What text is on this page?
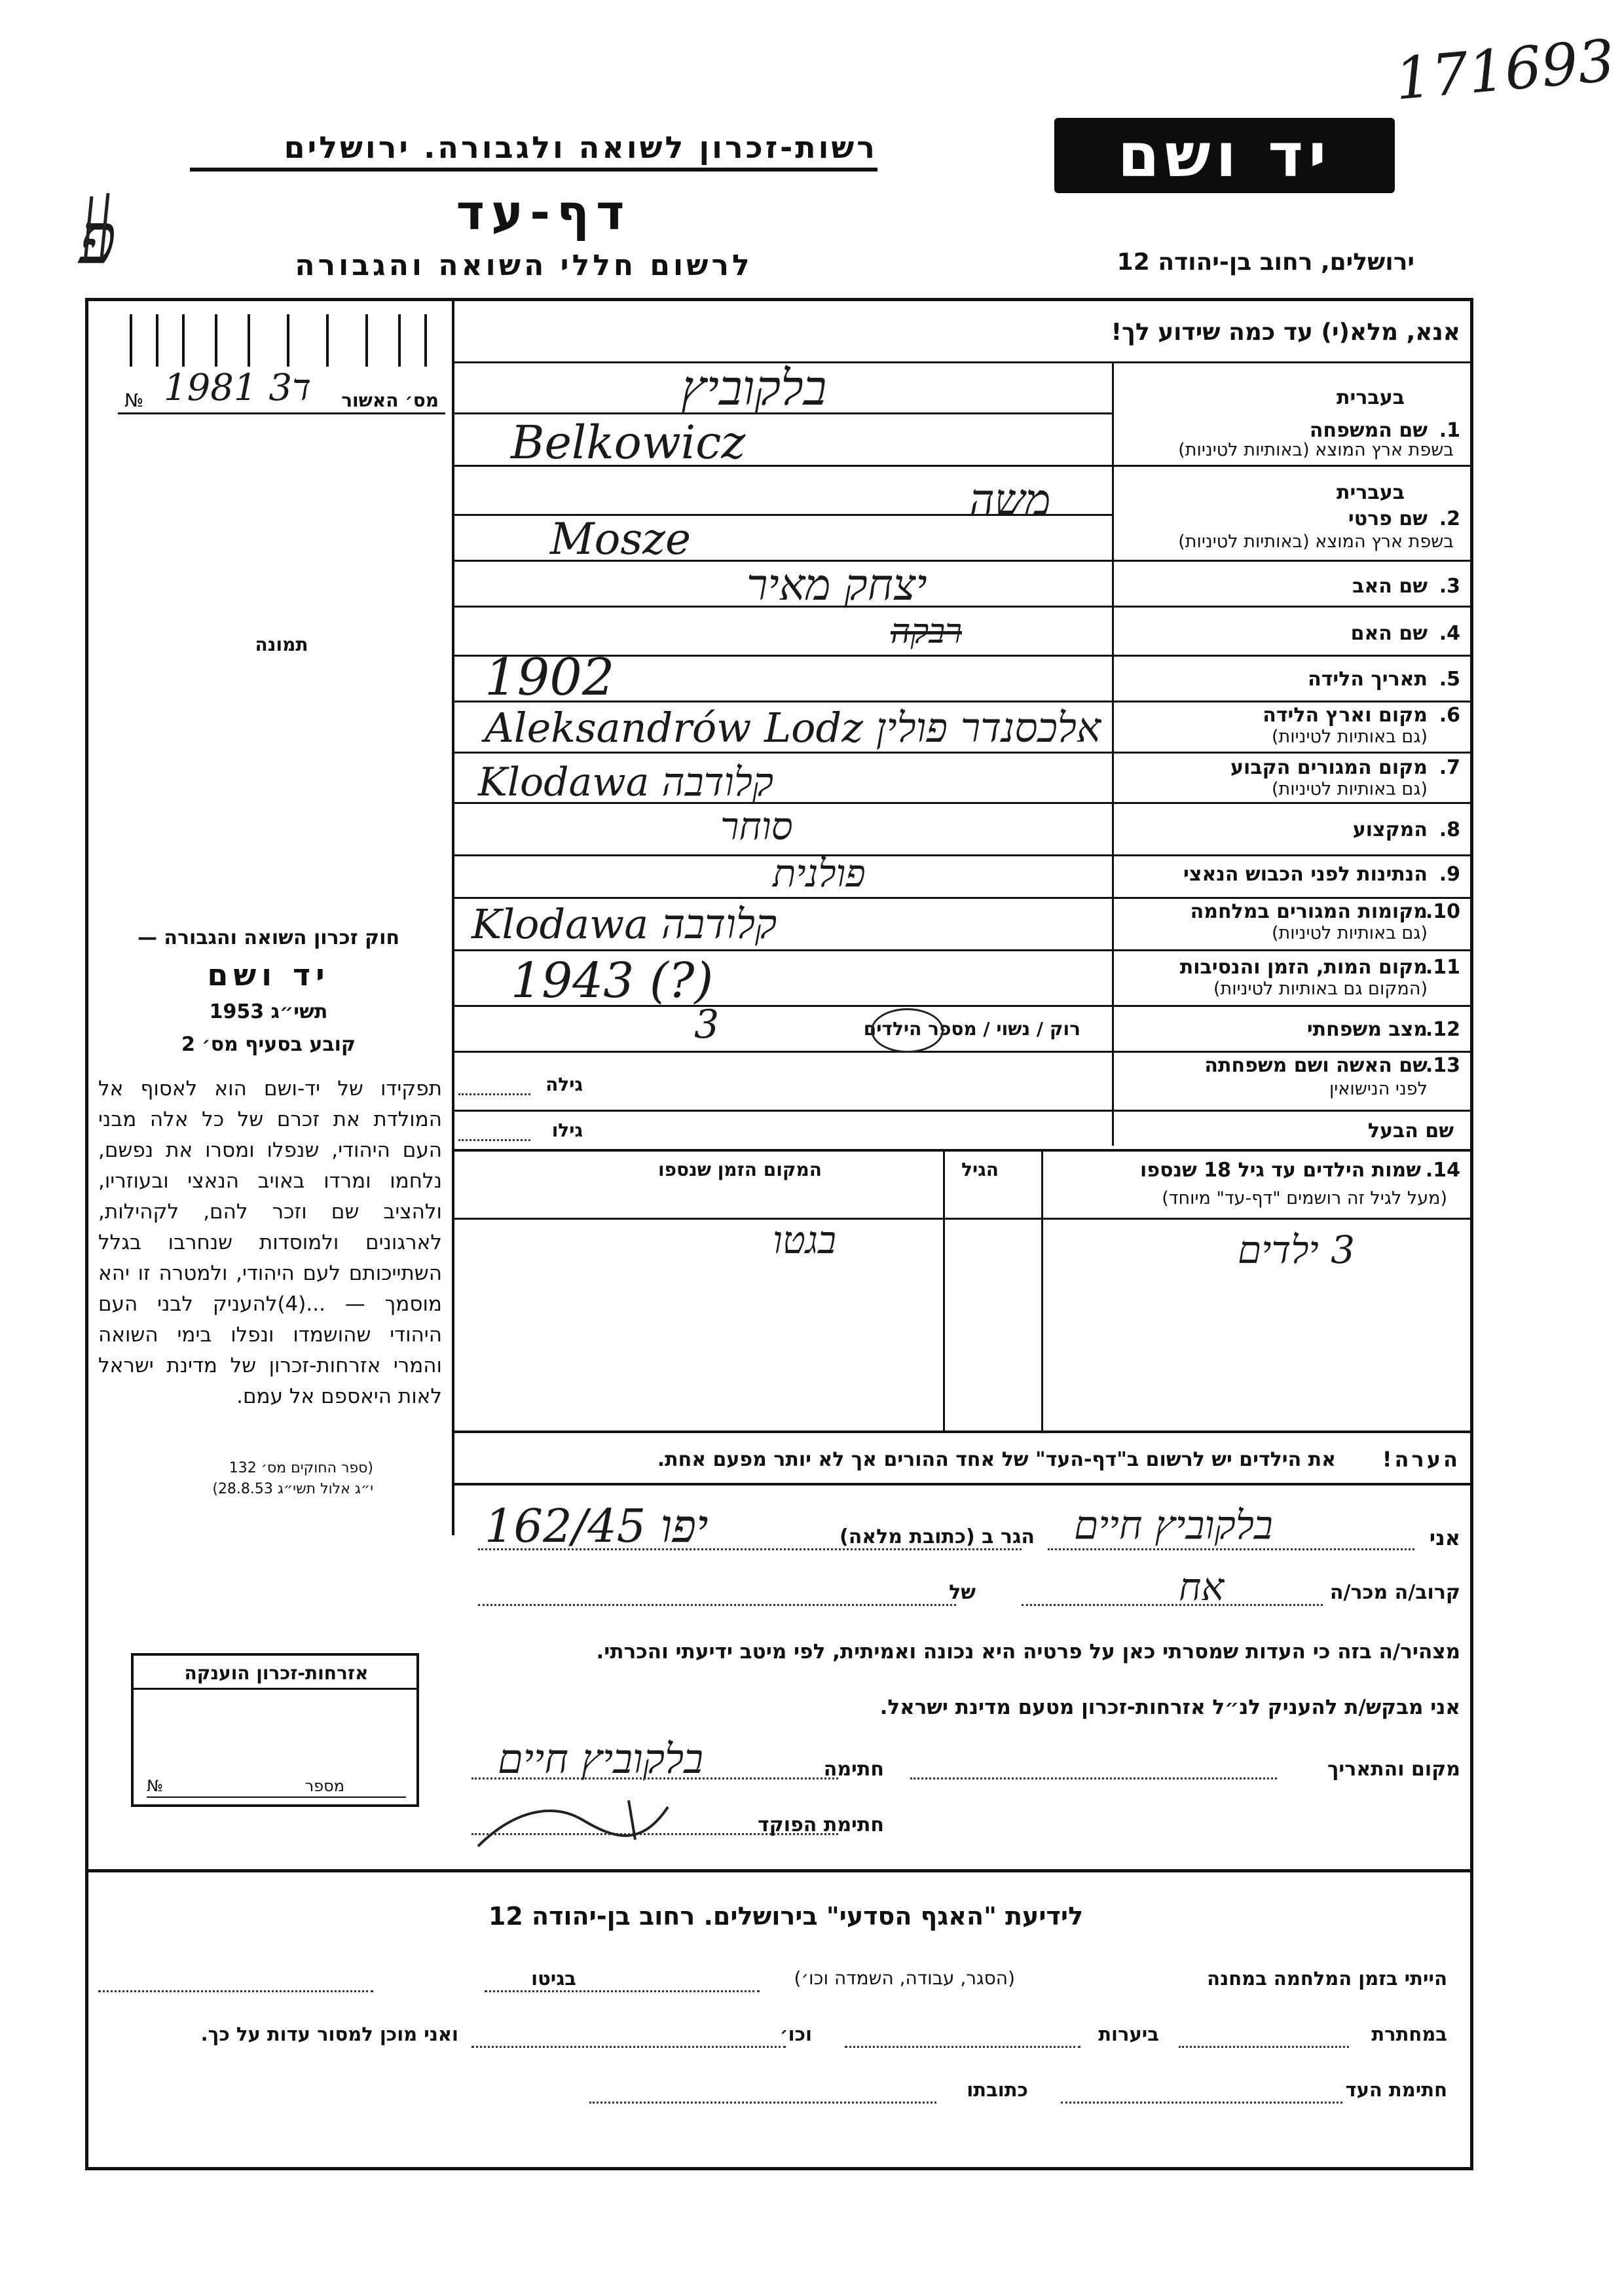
171693
רשות-זכרון לשואה ולגבורה. ירושלים
דף-עד
לרשום חללי השואה והגבורה
פ
יד ושם
ירושלים, רחוב בן-יהודה 12
אנא, מלא(י) עד כמה שידוע לך!
№ 1981 ד3 מס׳ האשור
תמונה
חוק זכרון השואה והגבורה —
יד ושם
תשי״ג 1953
קובע בסעיף מס׳ 2
תפקידו של יד-ושם הוא לאסוף אל המולדת את זכרם של כל אלה מבני העם היהודי, שנפלו ומסרו את נפשם, נלחמו ומרדו באויב הנאצי ובעוזריו, ולהציב שם וזכר להם, לקהילות, לארגונים ולמוסדות שנחרבו בגלל השתייכותם לעם היהודי, ולמטרה זו יהא מוסמך — ...(4)להעניק לבני העם היהודי שהושמדו ונפלו בימי השואה והמרי אזרחות-זכרון של מדינת ישראל לאות היאספם אל עמם.
(ספר החוקים מס׳ 132
י״ג אלול תשי״ג 28.8.53)
אזרחות-זכרון הוענקה
מספר
№
בעברית
1.
שם המשפחה
בשפת ארץ המוצא (באותיות לטיניות)
בלקוביץ
Belkowicz
בעברית
2.
שם פרטי
בשפת ארץ המוצא (באותיות לטיניות)
משה
Mosze
3.
שם האב
יצחק מאיר
4.
שם האם
רבקה
5.
תאריך הלידה
1902
6.
מקום וארץ הלידה
(גם באותיות לטיניות)
Aleksandrów Lodz אלכסנדר פולין
7.
מקום המגורים הקבוע
(גם באותיות לטיניות)
Klodawa קלודבה
8.
המקצוע
סוחר
9.
הנתינות לפני הכבוש הנאצי
פולנית
10.
מקומות המגורים במלחמה
(גם באותיות לטיניות)
Klodawa קלודבה
11.
מקום המות, הזמן והנסיבות
(המקום גם באותיות לטיניות)
1943 (?)
12.
מצב משפחתי
רוק / נשוי / מספר הילדים
3
13.
שם האשה ושם משפחתה
לפני הנישואין
גילה
שם הבעל
גילו
14.
שמות הילדים עד גיל 18 שנספו
(מעל לגיל זה רושמים "דף-עד" מיוחד)
הגיל
המקום הזמן שנספו
3 ילדים
בגטו
הערה!
את הילדים יש לרשום ב"דף-העד" של אחד ההורים אך לא יותר מפעם אחת.
אני
בלקוביץ חיים
הגר ב (כתובת מלאה)
יפו 162/45
קרוב/ה מכר/ה
אח
של
מצהיר/ה בזה כי העדות שמסרתי כאן על פרטיה היא נכונה ואמיתית, לפי מיטב ידיעתי והכרתי.
אני מבקש/ת להעניק לנ״ל אזרחות-זכרון מטעם מדינת ישראל.
מקום והתאריך
חתימה
בלקוביץ חיים
חתימת הפוקד
לידיעת "האגף הסדעי" בירושלים. רחוב בן-יהודה 12
הייתי בזמן המלחמה במחנה
(הסגר, עבודה, השמדה וכו׳)
בגיטו
במחתרת
ביערות
וכו׳
ואני מוכן למסור עדות על כך.
חתימת העד
כתובתו
